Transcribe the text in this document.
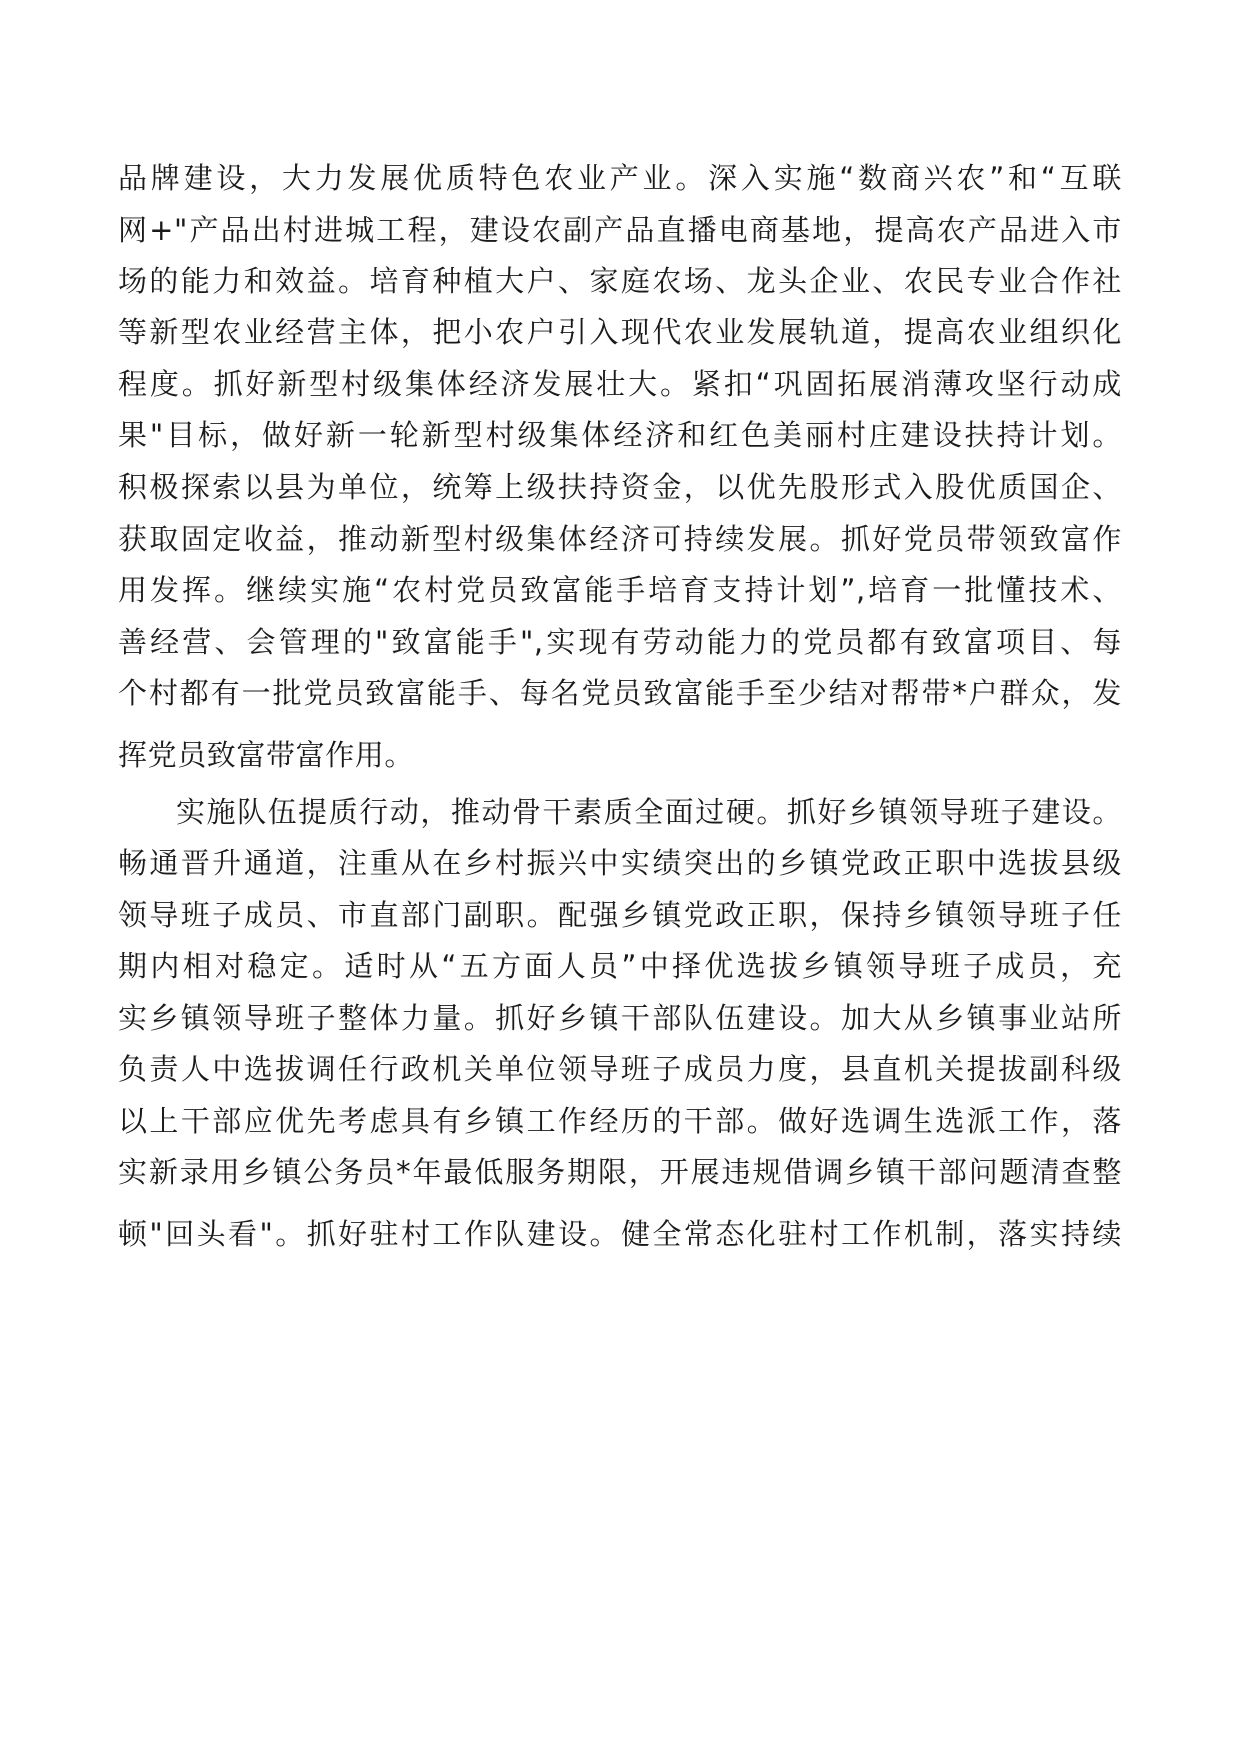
品牌建设，大力发展优质特色农业产业。深入实施“数商兴农”和“互联
网+"产品出村进城工程，建设农副产品直播电商基地，提高农产品进入市
场的能力和效益。培育种植大户、家庭农场、龙头企业、农民专业合作社
等新型农业经营主体，把小农户引入现代农业发展轨道，提高农业组织化
程度。抓好新型村级集体经济发展壮大。紧扣“巩固拓展消薄攻坚行动成
果"目标，做好新一轮新型村级集体经济和红色美丽村庄建设扶持计划。
积极探索以县为单位，统筹上级扶持资金，以优先股形式入股优质国企、
获取固定收益，推动新型村级集体经济可持续发展。抓好党员带领致富作
用发挥。继续实施“农村党员致富能手培育支持计划”,培育一批懂技术、
善经营、会管理的"致富能手",实现有劳动能力的党员都有致富项目、每
个村都有一批党员致富能手、每名党员致富能手至少结对帮带*户群众，发
挥党员致富带富作用。
实施队伍提质行动，推动骨干素质全面过硬。抓好乡镇领导班子建设。
畅通晋升通道，注重从在乡村振兴中实绩突出的乡镇党政正职中选拔县级
领导班子成员、市直部门副职。配强乡镇党政正职，保持乡镇领导班子任
期内相对稳定。适时从“五方面人员”中择优选拔乡镇领导班子成员，充
实乡镇领导班子整体力量。抓好乡镇干部队伍建设。加大从乡镇事业站所
负责人中选拔调任行政机关单位领导班子成员力度，县直机关提拔副科级
以上干部应优先考虑具有乡镇工作经历的干部。做好选调生选派工作，落
实新录用乡镇公务员*年最低服务期限，开展违规借调乡镇干部问题清查整
顿"回头看"。抓好驻村工作队建设。健全常态化驻村工作机制，落实持续
